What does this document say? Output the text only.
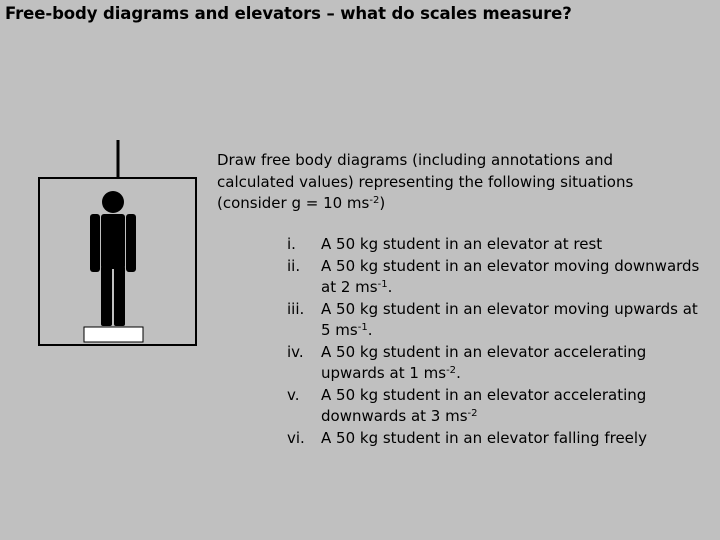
Free-body diagrams and elevators – what do scales measure?
Draw free body diagrams (including annotations and
calculated values) representing the following situations
(consider g = 10 $ms^{-2}$)
i.	A 50 kg student in an elevator at rest
ii.	A 50 kg student in an elevator moving downwards at 2 $ms^{-1}$.
iii.	A 50 kg student in an elevator moving upwards at 5 $ms^{-1}$.
iv.	A 50 kg student in an elevator accelerating upwards at 1 $ms^{-2}$.
v.	A 50 kg student in an elevator accelerating downwards at 3 $ms^{-2}$
vi.	A 50 kg student in an elevator falling freely
